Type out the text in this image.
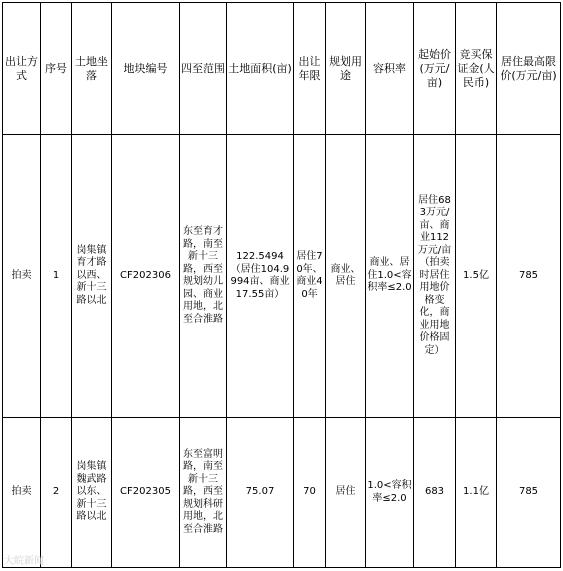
出让方式	序号	土地坐落	地块编号	四至范围	土地面积(亩)	出让年限	规划用途	容积率	起始价(万元/亩)	竞买保证金(人民币)	居住最高限价(万元/亩)
拍卖	1	岗集镇育才路以西、新十三路以北	CF202306	东至育才路，南至新十三路，西至规划幼儿园、商业用地，北至合淮路	122.5494（居住104.9994亩、商业17.55亩）	居住70年、商业40年	商业、居住	商业、居住1.0<容积率≤2.0	居住683万元/亩、商业112万元/亩（拍卖时居住用地价格变化，商业用地价格固定）	1.5亿	785
拍卖	2	岗集镇魏武路以东、新十三路以北	CF202305	东至富明路，南至新十三路，西至规划科研用地，北至合淮路	75.07	70	居住	1.0<容积率≤2.0	683	1.1亿	785
大皖新闻
